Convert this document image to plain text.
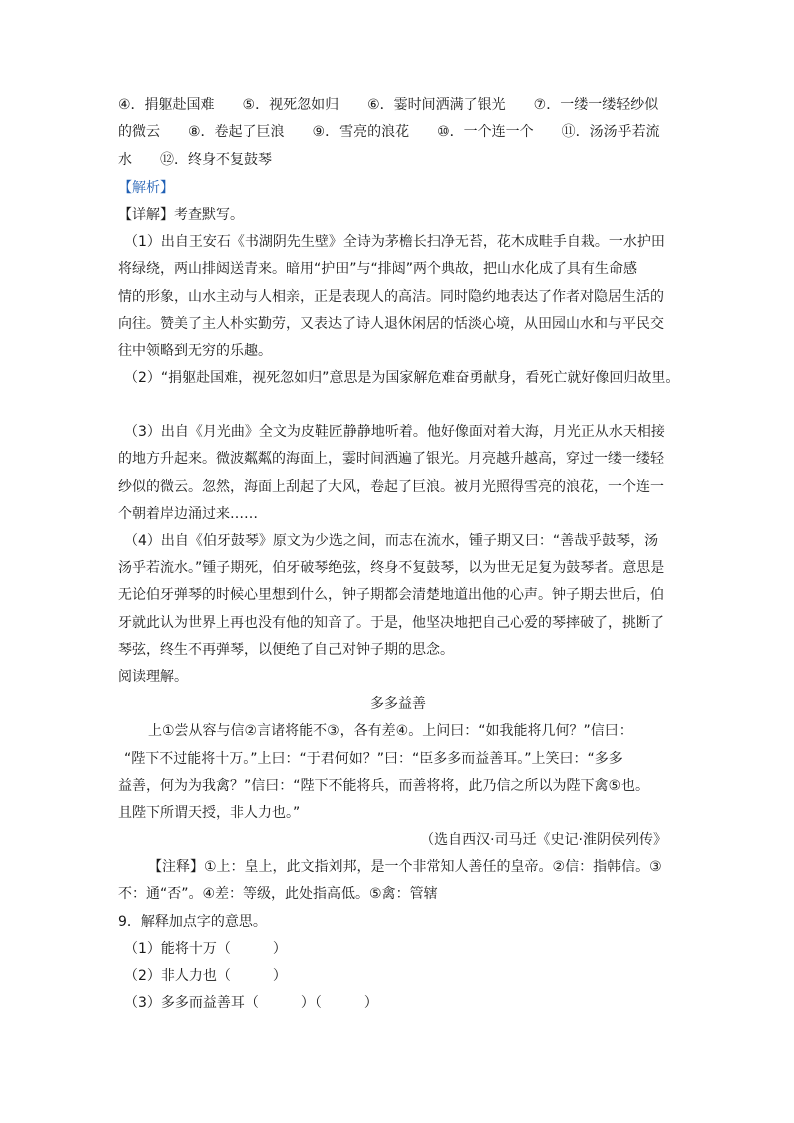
④．捐躯赴国难　　⑤．视死忽如归　　⑥．霎时间洒满了银光　　⑦．一缕一缕轻纱似
的微云　　⑧．卷起了巨浪　　⑨．雪亮的浪花　　⑩．一个连一个　　⑪．汤汤乎若流
水　　⑫．终身不复鼓琴
【解析】
【详解】考查默写。
（1）出自王安石《书湖阴先生壁》全诗为茅檐长扫净无苔，花木成畦手自栽。一水护田
将绿绕，两山排闼送青来。暗用“护田”与“排闼”两个典故，把山水化成了具有生命感
情的形象，山水主动与人相亲，正是表现人的高洁。同时隐约地表达了作者对隐居生活的
向往。赞美了主人朴实勤劳，又表达了诗人退休闲居的恬淡心境，从田园山水和与平民交
往中领略到无穷的乐趣。
（2）“捐躯赴国难，视死忽如归”意思是为国家解危难奋勇献身，看死亡就好像回归故里。
（3）出自《月光曲》全文为皮鞋匠静静地听着。他好像面对着大海，月光正从水天相接
的地方升起来。微波粼粼的海面上，霎时间洒遍了银光。月亮越升越高，穿过一缕一缕轻
纱似的微云。忽然，海面上刮起了大风，卷起了巨浪。被月光照得雪亮的浪花，一个连一
个朝着岸边涌过来……
（4）出自《伯牙鼓琴》原文为少选之间，而志在流水，锺子期又曰：“善哉乎鼓琴，汤
汤乎若流水。”锺子期死，伯牙破琴绝弦，终身不复鼓琴，以为世无足复为鼓琴者。意思是
无论伯牙弹琴的时候心里想到什么，钟子期都会清楚地道出他的心声。钟子期去世后，伯
牙就此认为世界上再也没有他的知音了。于是，他坚决地把自己心爱的琴摔破了，挑断了
琴弦，终生不再弹琴，以便绝了自己对钟子期的思念。
阅读理解。
多多益善
上①尝从容与信②言诸将能不③，各有差④。上问曰：“如我能将几何？”信曰：
“陛下不过能将十万。”上曰：“于君何如？”曰：“臣多多而益善耳。”上笑曰：“多多
益善，何为为我禽？”信曰：“陛下不能将兵，而善将将，此乃信之所以为陛下禽⑤也。
且陛下所谓天授，非人力也。”
（选自西汉·司马迁《史记·淮阴侯列传》
【注释】①上：皇上，此文指刘邦，是一个非常知人善任的皇帝。②信：指韩信。③
不：通“否”。④差：等级，此处指高低。⑤禽：管辖
9．解释加点字的意思。
（1）能将十万（　　　）
（2）非人力也（　　　）
（3）多多而益善耳（　　　）（　　　）
